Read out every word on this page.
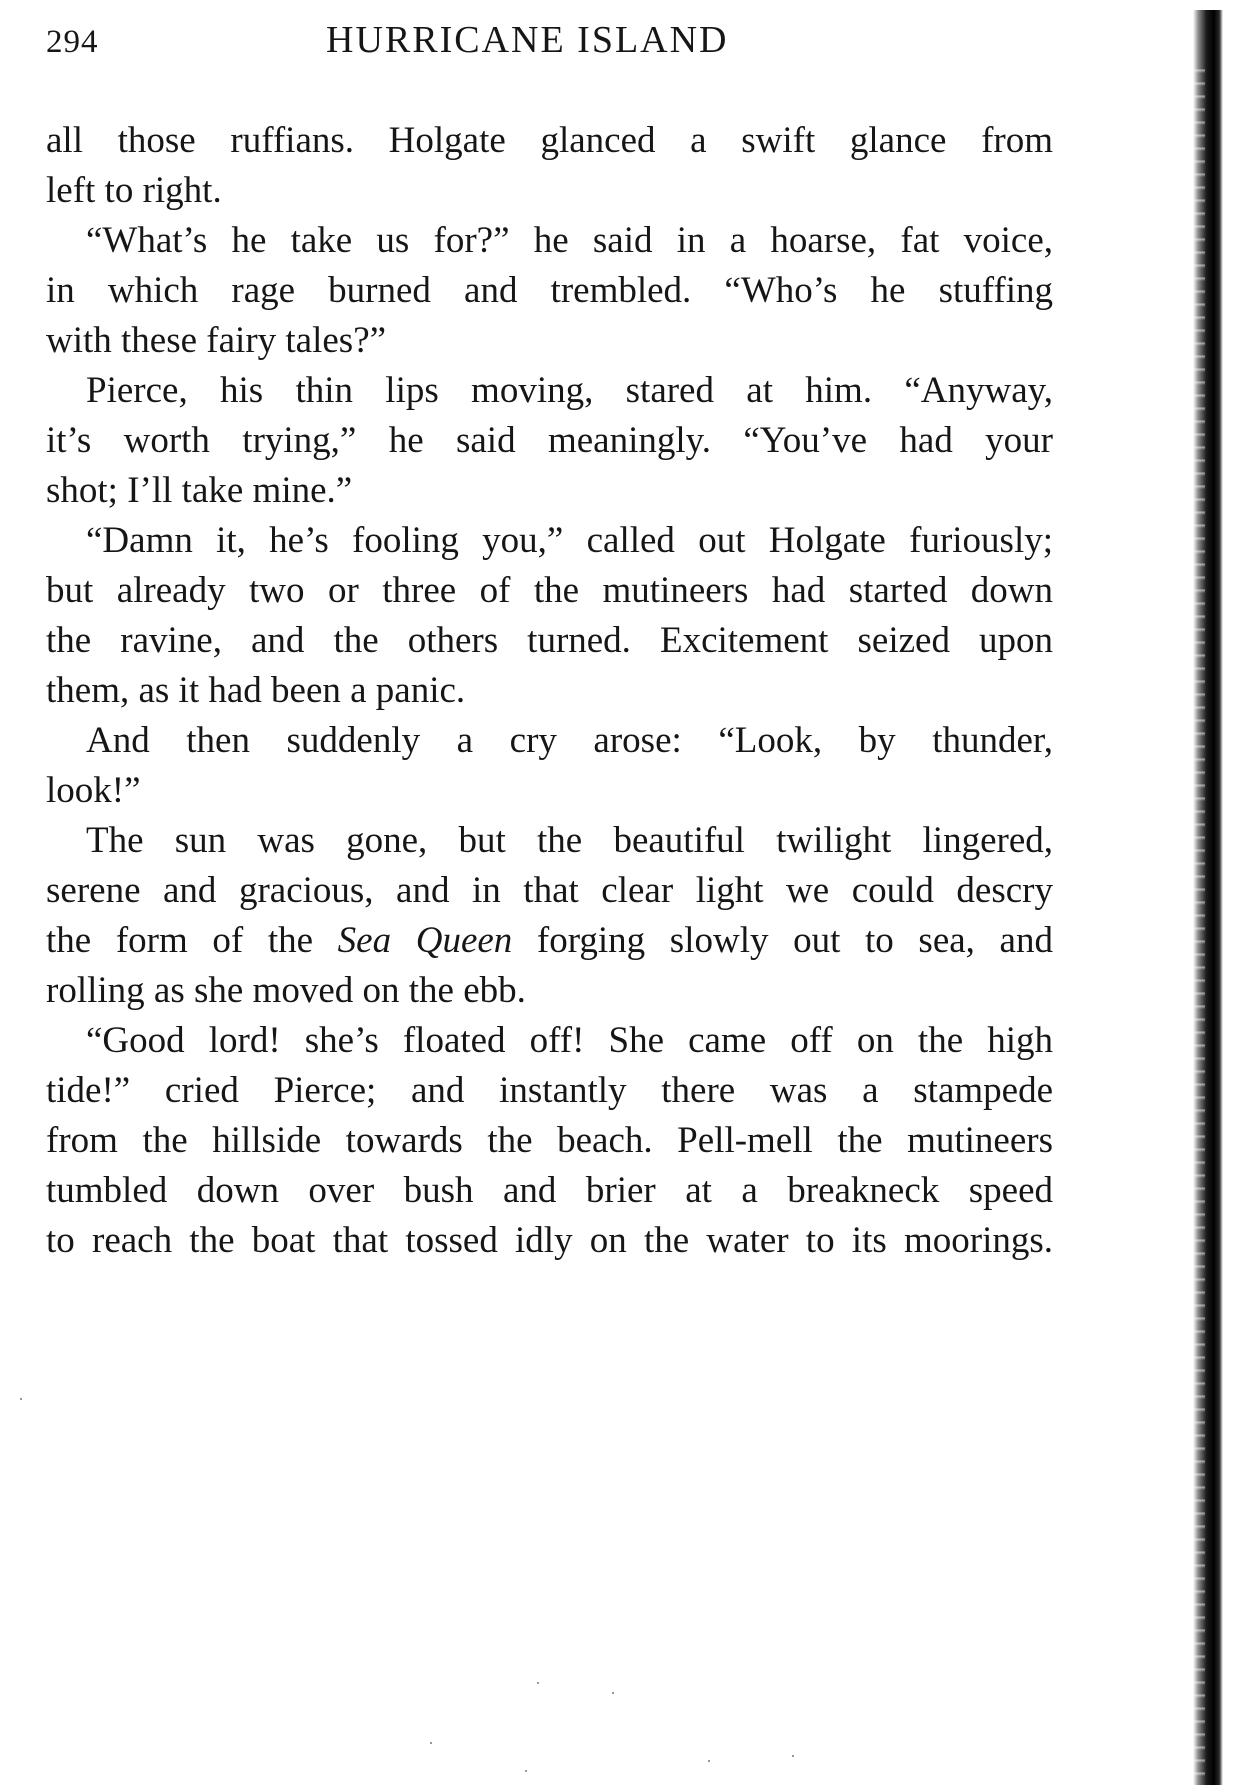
294	HURRICANE ISLAND
all those ruffians. Holgate glanced a swift glance from
left to right.
“What’s he take us for?” he said in a hoarse, fat voice,
in which rage burned and trembled. “Who’s he stuffing
with these fairy tales?”
Pierce, his thin lips moving, stared at him. “Anyway,
it’s worth trying,” he said meaningly. “You’ve had your
shot; I’ll take mine.”
“Damn it, he’s fooling you,” called out Holgate furiously;
but already two or three of the mutineers had started down
the ravine, and the others turned. Excitement seized upon
them, as it had been a panic.
And then suddenly a cry arose: “Look, by thunder,
look!”
The sun was gone, but the beautiful twilight lingered,
serene and gracious, and in that clear light we could descry
the form of the Sea Queen forging slowly out to sea, and
rolling as she moved on the ebb.
“Good lord! she’s floated off! She came off on the high
tide!” cried Pierce; and instantly there was a stampede
from the hillside towards the beach. Pell-mell the mutineers
tumbled down over bush and brier at a breakneck speed
to reach the boat that tossed idly on the water to its moorings.
